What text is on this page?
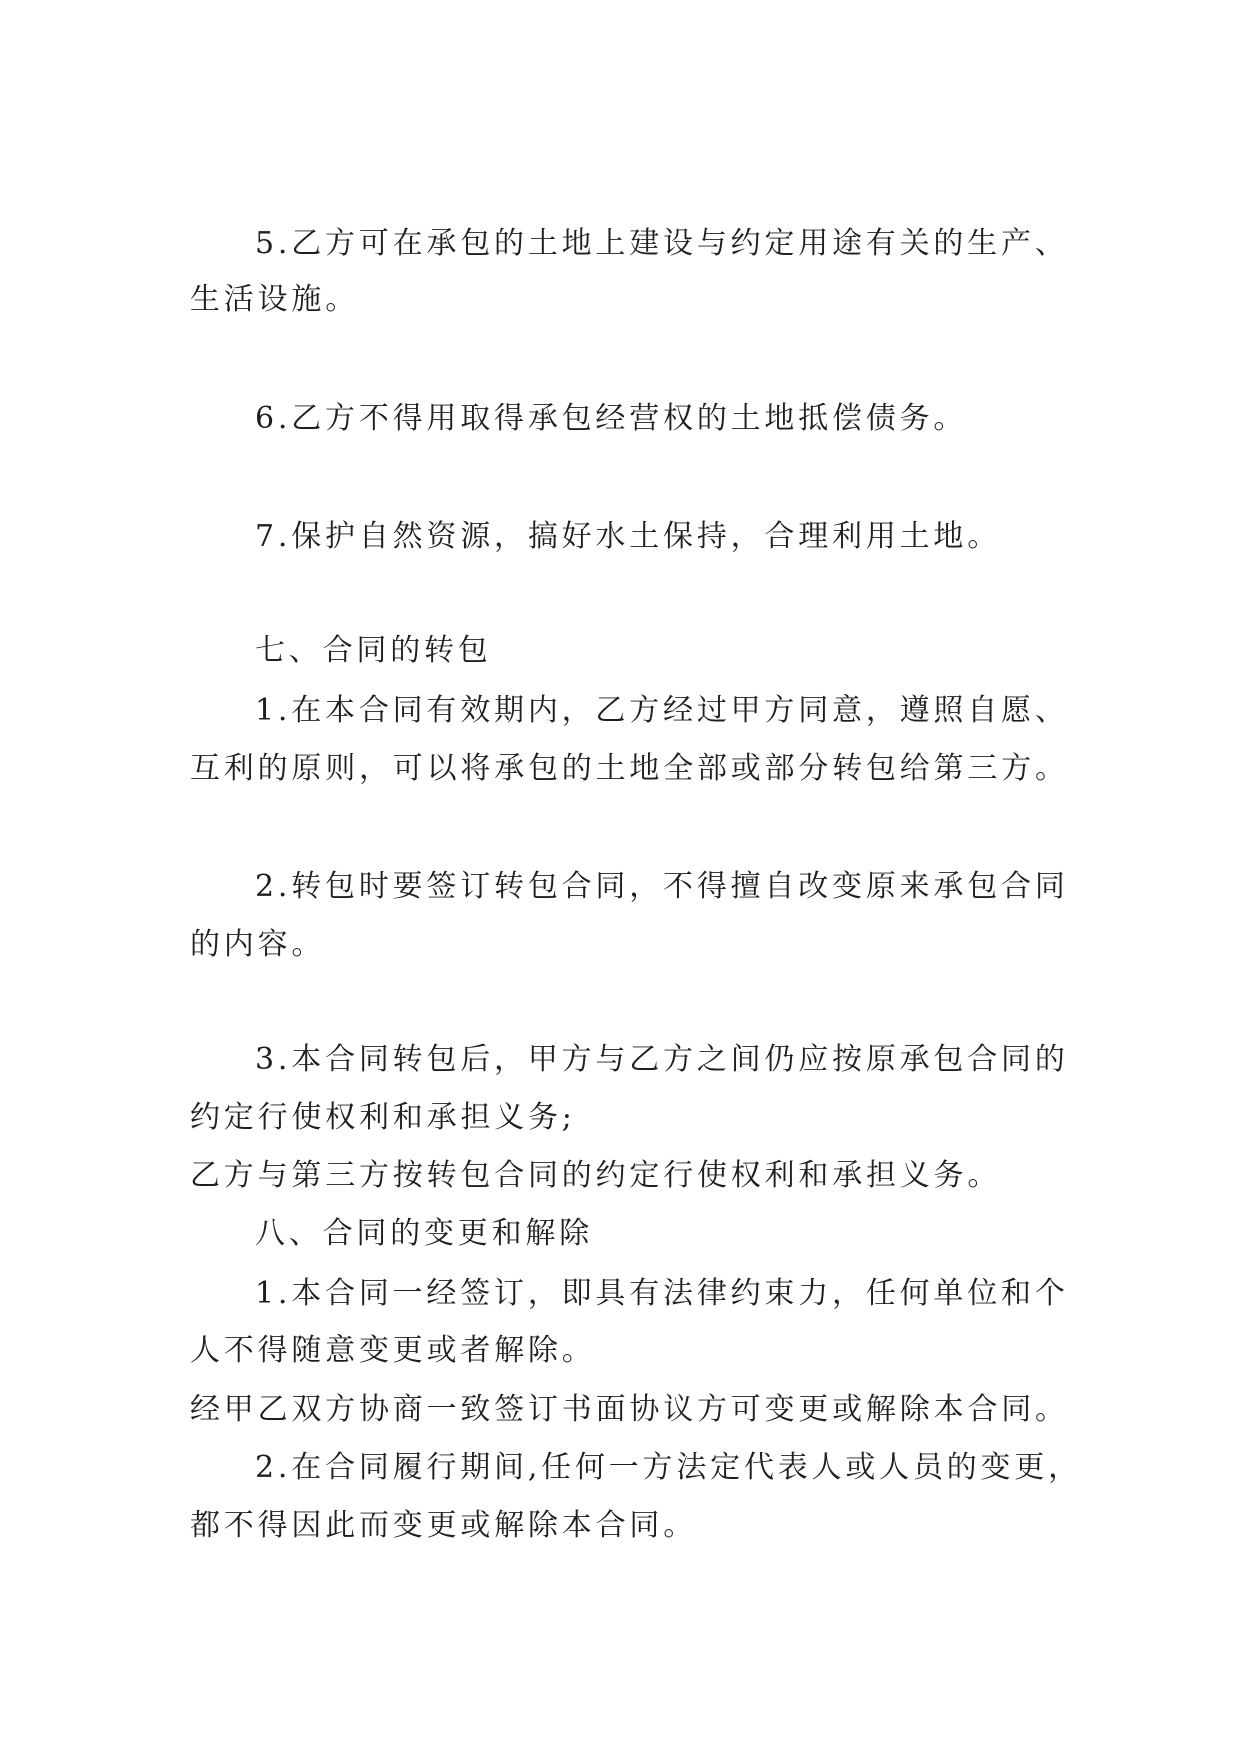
5.乙方可在承包的土地上建设与约定用途有关的生产、
生活设施。
6.乙方不得用取得承包经营权的土地抵偿债务。
7.保护自然资源，搞好水土保持，合理利用土地。
七、合同的转包
1.在本合同有效期内，乙方经过甲方同意，遵照自愿、
互利的原则，可以将承包的土地全部或部分转包给第三方。
2.转包时要签订转包合同，不得擅自改变原来承包合同
的内容。
3.本合同转包后，甲方与乙方之间仍应按原承包合同的
约定行使权利和承担义务;
乙方与第三方按转包合同的约定行使权利和承担义务。
八、合同的变更和解除
1.本合同一经签订，即具有法律约束力，任何单位和个
人不得随意变更或者解除。
经甲乙双方协商一致签订书面协议方可变更或解除本合同。
2.在合同履行期间,任何一方法定代表人或人员的变更，
都不得因此而变更或解除本合同。
